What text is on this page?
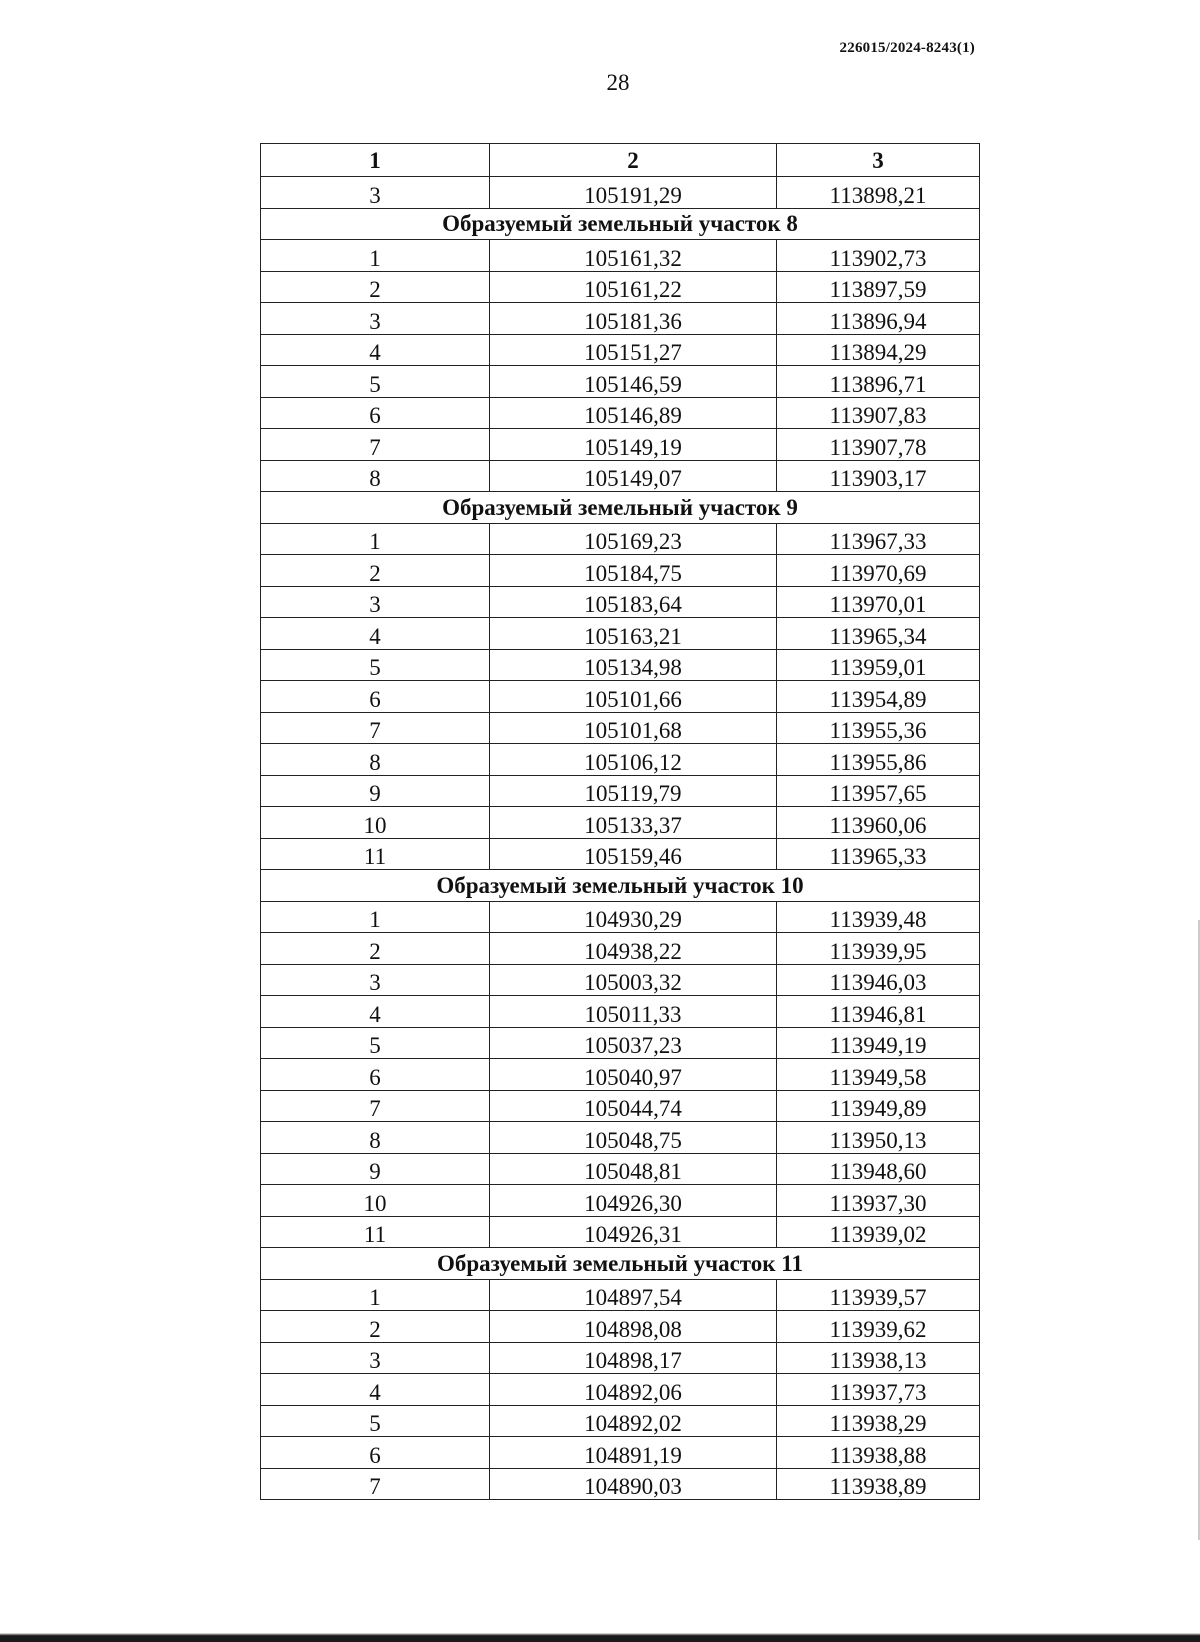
226015/2024-8243(1)
28
1	2	3
3	105191,29	113898,21
Образуемый земельный участок 8		
1	105161,32	113902,73
2	105161,22	113897,59
3	105181,36	113896,94
4	105151,27	113894,29
5	105146,59	113896,71
6	105146,89	113907,83
7	105149,19	113907,78
8	105149,07	113903,17
Образуемый земельный участок 9		
1	105169,23	113967,33
2	105184,75	113970,69
3	105183,64	113970,01
4	105163,21	113965,34
5	105134,98	113959,01
6	105101,66	113954,89
7	105101,68	113955,36
8	105106,12	113955,86
9	105119,79	113957,65
10	105133,37	113960,06
11	105159,46	113965,33
Образуемый земельный участок 10		
1	104930,29	113939,48
2	104938,22	113939,95
3	105003,32	113946,03
4	105011,33	113946,81
5	105037,23	113949,19
6	105040,97	113949,58
7	105044,74	113949,89
8	105048,75	113950,13
9	105048,81	113948,60
10	104926,30	113937,30
11	104926,31	113939,02
Образуемый земельный участок 11		
1	104897,54	113939,57
2	104898,08	113939,62
3	104898,17	113938,13
4	104892,06	113937,73
5	104892,02	113938,29
6	104891,19	113938,88
7	104890,03	113938,89
